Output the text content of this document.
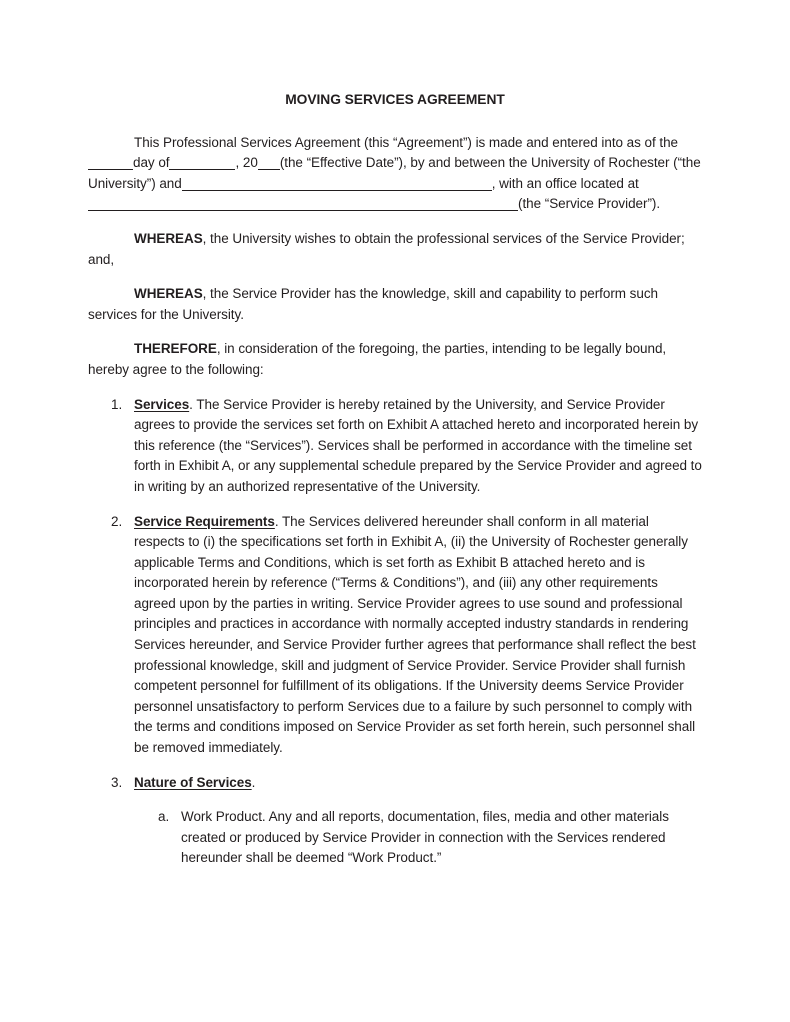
MOVING SERVICES AGREEMENT
This Professional Services Agreement (this “Agreement”) is made and entered into as of theday of	, 20 (the “Effective Date”), by and between the University of Rochester (“the University”) and	, with an office located at(the “Service Provider”).
WHEREAS, the University wishes to obtain the professional services of the Service Provider; and,
WHEREAS, the Service Provider has the knowledge, skill and capability to perform such services for the University.
THEREFORE, in consideration of the foregoing, the parties, intending to be legally bound, hereby agree to the following:
1. Services. The Service Provider is hereby retained by the University, and Service Provider agrees to provide the services set forth on Exhibit A attached hereto and incorporated herein by this reference (the “Services”). Services shall be performed in accordance with the timeline set forth in Exhibit A, or any supplemental schedule prepared by the Service Provider and agreed to in writing by an authorized representative of the University.
2. Service Requirements. The Services delivered hereunder shall conform in all material respects to (i) the specifications set forth in Exhibit A, (ii) the University of Rochester generally applicable Terms and Conditions, which is set forth as Exhibit B attached hereto and is incorporated herein by reference (“Terms & Conditions”), and (iii) any other requirements agreed upon by the parties in writing. Service Provider agrees to use sound and professional principles and practices in accordance with normally accepted industry standards in rendering Services hereunder, and Service Provider further agrees that performance shall reflect the best professional knowledge, skill and judgment of Service Provider. Service Provider shall furnish competent personnel for fulfillment of its obligations. If the University deems Service Provider personnel unsatisfactory to perform Services due to a failure by such personnel to comply with the terms and conditions imposed on Service Provider as set forth herein, such personnel shall be removed immediately.
3. Nature of Services.
a. Work Product. Any and all reports, documentation, files, media and other materials created or produced by Service Provider in connection with the Services rendered hereunder shall be deemed “Work Product.”
